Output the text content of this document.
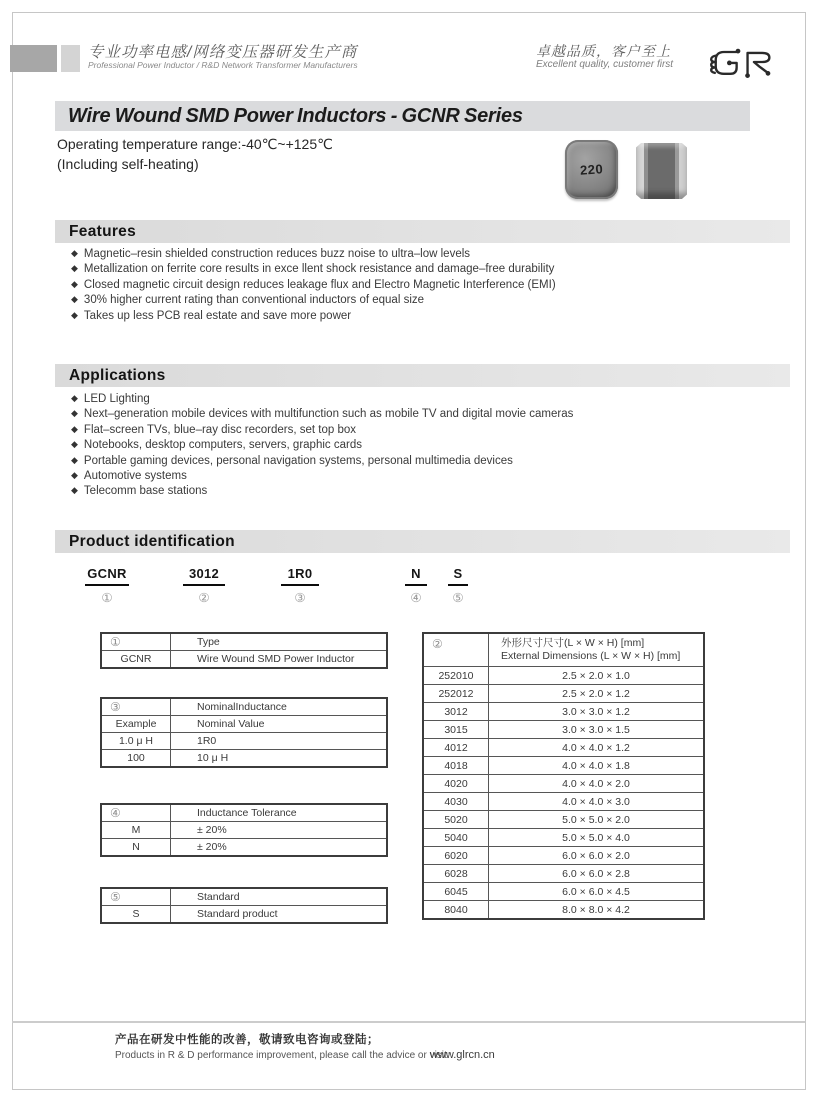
专业功率电感/网络变压器研发生产商
Professional Power Inductor / R&D Network Transformer Manufacturers
卓越品质，客户至上
Excellent quality, customer first
Wire Wound SMD Power Inductors - GCNR Series
Operating temperature range:-40℃~+125℃
(Including self-heating)	220
Features
◆ Magnetic–resin shielded construction reduces buzz noise to ultra–low levels
◆ Metallization on ferrite core results in exce llent shock resistance and damage–free durability
◆ Closed magnetic circuit design reduces leakage flux and Electro Magnetic Interference (EMI)
◆ 30% higher current rating than conventional inductors of equal size
◆ Takes up less PCB real estate and save more power
Applications
◆ LED Lighting
◆ Next–generation mobile devices with multifunction such as mobile TV and digital movie cameras
◆ Flat–screen TVs, blue–ray disc recorders, set top box
◆ Notebooks, desktop computers, servers, graphic cards
◆ Portable gaming devices, personal navigation systems, personal multimedia devices
◆ Automotive systems
◆ Telecomm base stations
Product identification
GCNR
①
3012
②
1R0
③
N
④
S
⑤
①	Type
GCNR	Wire Wound SMD Power Inductor
③	NominalInductance
Example	Nominal Value
1.0 μ H	1R0
100	10 μ H
④	Inductance Tolerance
M	± 20%
N	± 20%
⑤	Standard
S	Standard product
②	外形尺寸尺寸(L × W × H) [mm]
External Dimensions (L × W × H) [mm]

252010	2.5 × 2.0 × 1.0
252012	2.5 × 2.0 × 1.2
3012	3.0 × 3.0 × 1.2
3015	3.0 × 3.0 × 1.5
4012	4.0 × 4.0 × 1.2
4018	4.0 × 4.0 × 1.8
4020	4.0 × 4.0 × 2.0
4030	4.0 × 4.0 × 3.0
5020	5.0 × 5.0 × 2.0
5040	5.0 × 5.0 × 4.0
6020	6.0 × 6.0 × 2.0
6028	6.0 × 6.0 × 2.8
6045	6.0 × 6.0 × 4.5
8040	8.0 × 8.0 × 4.2
产品在研发中性能的改善，敬请致电咨询或登陆；
Products in R & D performance improvement, please call the advice or visit:
www.glrcn.cn
